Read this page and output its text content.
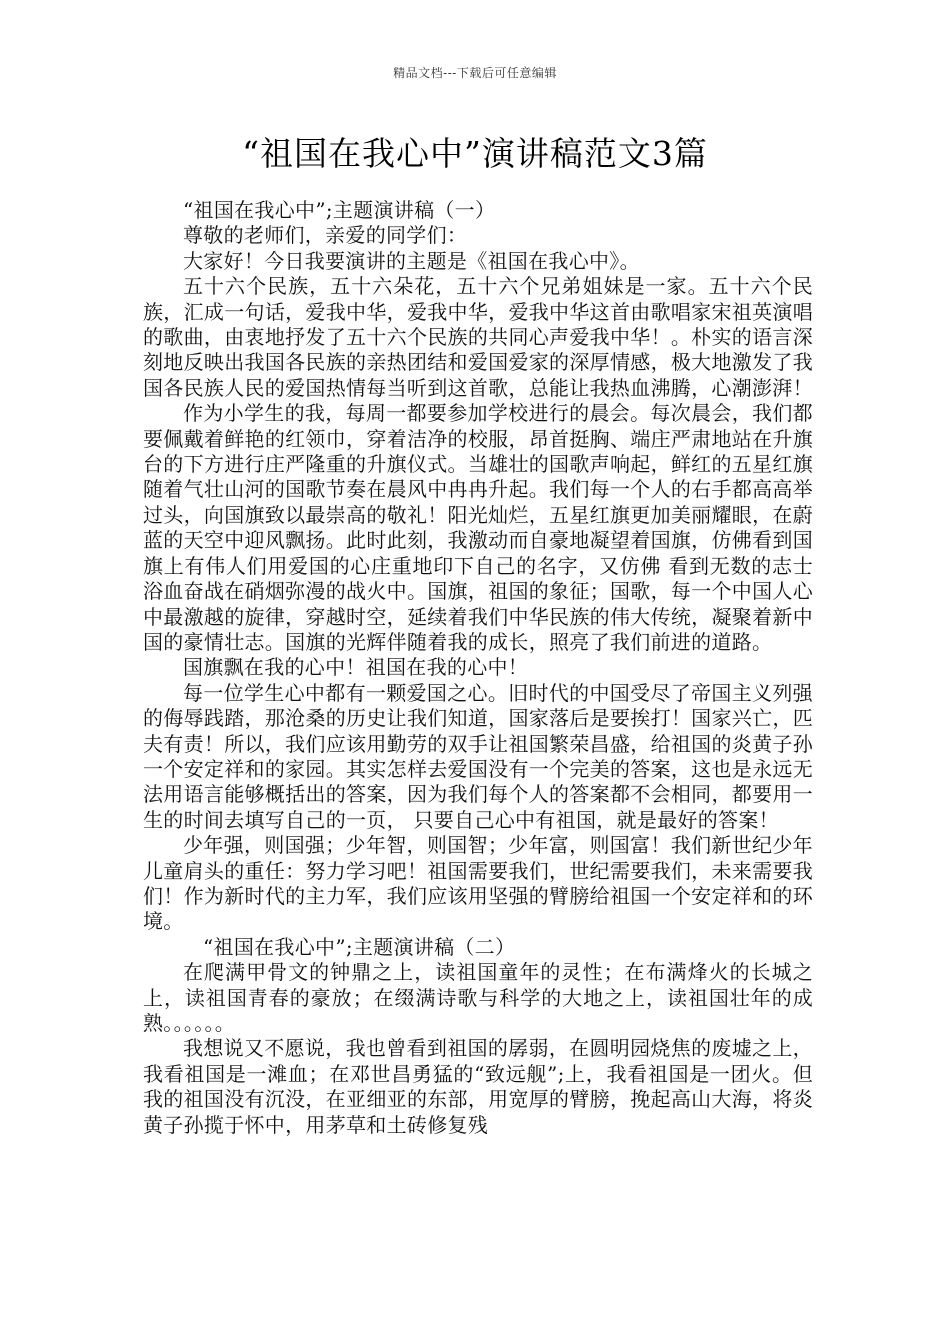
精品文档---下载后可任意编辑
“祖国在我心中”演讲稿范文3篇

“祖国在我心中”;主题演讲稿（一）

尊敬的老师们，亲爱的同学们：

大家好！今日我要演讲的主题是《祖国在我心中》。

五十六个民族，五十六朵花，五十六个兄弟姐妹是一家。五十六个民族，汇成一句话，爱我中华，爱我中华，爱我中华这首由歌唱家宋祖英演唱的歌曲，由衷地抒发了五十六个民族的共同心声爱我中华！。朴实的语言深刻地反映出我国各民族的亲热团结和爱国爱家的深厚情感，极大地激发了我国各民族人民的爱国热情每当听到这首歌，总能让我热血沸腾，心潮澎湃！

作为小学生的我，每周一都要参加学校进行的晨会。每次晨会，我们都要佩戴着鲜艳的红领巾，穿着洁净的校服，昂首挺胸、端庄严肃地站在升旗台的下方进行庄严隆重的升旗仪式。当雄壮的国歌声响起，鲜红的五星红旗随着气壮山河的国歌节奏在晨风中冉冉升起。我们每一个人的右手都高高举过头，向国旗致以最崇高的敬礼！阳光灿烂，五星红旗更加美丽耀眼，在蔚蓝的天空中迎风飘扬。此时此刻，我激动而自豪地凝望着国旗，仿佛看到国旗上有伟人们用爱国的心庄重地印下自己的名字，又仿佛 看到无数的志士浴血奋战在硝烟弥漫的战火中。国旗，祖国的象征；国歌，每一个中国人心中最激越的旋律，穿越时空，延续着我们中华民族的伟大传统，凝聚着新中国的豪情壮志。国旗的光辉伴随着我的成长，照亮了我们前进的道路。

国旗飘在我的心中！祖国在我的心中！

每一位学生心中都有一颗爱国之心。旧时代的中国受尽了帝国主义列强的侮辱践踏，那沧桑的历史让我们知道，国家落后是要挨打！国家兴亡，匹夫有责！所以，我们应该用勤劳的双手让祖国繁荣昌盛，给祖国的炎黄子孙一个安定祥和的家园。其实怎样去爱国没有一个完美的答案，这也是永远无法用语言能够概括出的答案，因为我们每个人的答案都不会相同，都要用一生的时间去填写自己的一页， 只要自己心中有祖国，就是最好的答案！

少年强，则国强；少年智，则国智；少年富，则国富！我们新世纪少年儿童肩头的重任：努力学习吧！祖国需要我们，世纪需要我们，未来需要我们！作为新时代的主力军，我们应该用坚强的臂膀给祖国一个安定祥和的环境。

“祖国在我心中”;主题演讲稿（二）

在爬满甲骨文的钟鼎之上，读祖国童年的灵性；在布满烽火的长城之上，读祖国青春的豪放；在缀满诗歌与科学的大地之上，读祖国壮年的成熟。。。。。。

我想说又不愿说，我也曾看到祖国的孱弱，在圆明园烧焦的废墟之上，我看祖国是一滩血；在邓世昌勇猛的“致远舰”;上，我看祖国是一团火。但我的祖国没有沉没，在亚细亚的东部，用宽厚的臂膀，挽起高山大海，将炎黄子孙揽于怀中，用茅草和土砖修复残
